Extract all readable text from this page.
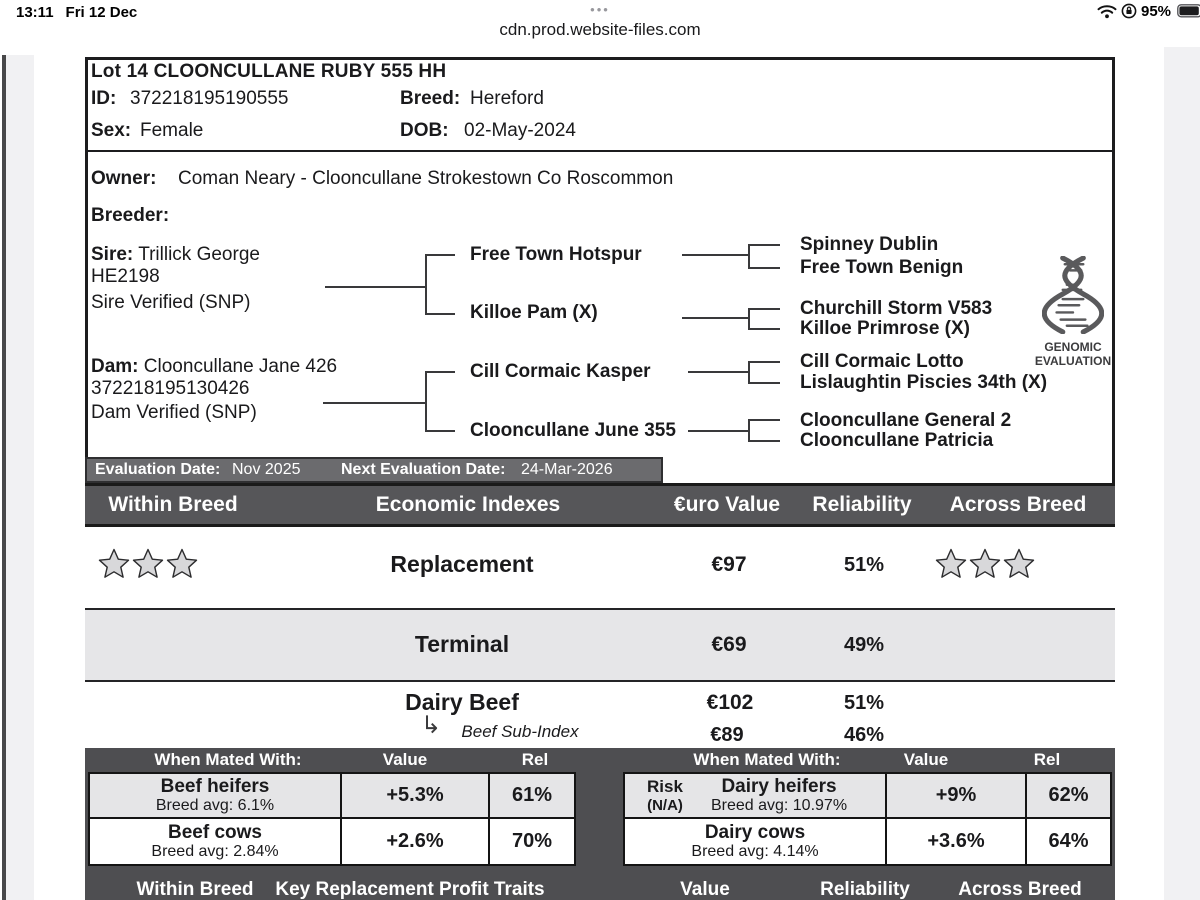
13:11 Fri 12 Dec	•••
cdn.prod.website-files.com
95%
Lot 14 CLOONCULLANE RUBY 555 HH
ID: 372218195190555	Breed: Hereford
Sex: Female	DOB: 02-May-2024
Owner: Coman Neary - Clooncullane Strokestown Co Roscommon
Breeder:
Sire: Trillick George
HE2198
Sire Verified (SNP)
Dam: Clooncullane Jane 426
372218195130426
Dam Verified (SNP)
Free Town Hotspur
Killoe Pam (X)
Cill Cormaic Kasper
Clooncullane June 355
Spinney Dublin
Free Town Benign
Churchill Storm V583
Killoe Primrose (X)
Cill Cormaic Lotto
Lislaughtin Piscies 34th (X)
Clooncullane General 2
Clooncullane Patricia
GENOMIC
EVALUATION
Evaluation Date: Nov 2025	Next Evaluation Date: 24-Mar-2026
Within Breed	Economic Indexes	€uro Value Reliability Across Breed
Replacement	€97	51%
Terminal	€69	49%
Dairy Beef	€102	51%
↳ Beef Sub-Index	€89	46%
When Mated With:	Value	Rel	When Mated With:	Value	Rel
Beef heifers
Breed avg: 6.1%	+5.3%	61%
Beef cows
Breed avg: 2.84%	+2.6%	70%
Risk
(N/A)
Dairy heifers
Breed avg: 10.97%	+9%	62%
Dairy cows
Breed avg: 4.14%	+3.6%	64%
Within Breed Key Replacement Profit Traits	Value	Reliability	Across Breed
